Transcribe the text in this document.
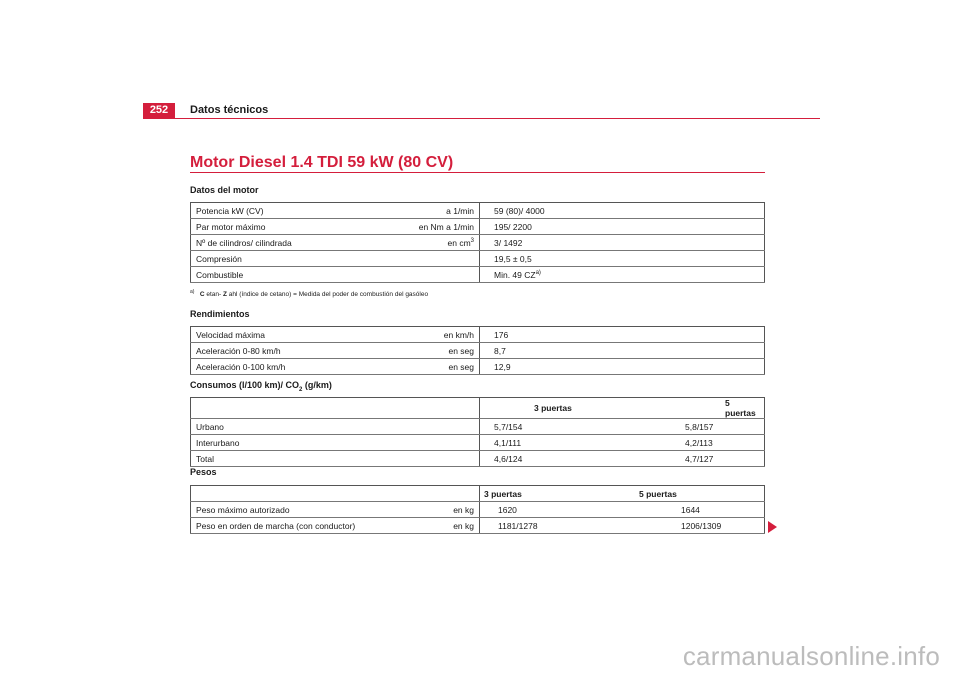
252	Datos técnicos
Motor Diesel 1.4 TDI 59 kW (80 CV)
Datos del motor
Potencia kW (CV) a 1/min	59 (80)/ 4000

Par motor máximo en Nm a 1/min	195/ 2200

Nº de cilindros/ cilindrada en $cm^3$	3/ 1492

Compresión	19,5 ± 0,5

Combustible	Min. 49 CZ$^{a)}$
$^{a)}$ C etan- Z ahl (índice de cetano) = Medida del poder de combustión del gasóleo
Rendimientos
Velocidad máxima en km/h	176

Aceleración 0-80 km/h en seg	8,7

Aceleración 0-100 km/h en seg	12,9
Consumos (l/100 km)/ $CO_2$ (g/km)
	3 puertas	5 puertas

Urbano	5,7/154	5,8/157

Interurbano	4,1/111	4,2/113

Total	4,6/124	4,7/127
Pesos
	3 puertas	5 puertas

Peso máximo autorizado en kg	1620	1644

Peso en orden de marcha (con conductor) en kg	1181/1278	1206/1309
carmanualsonline.info
